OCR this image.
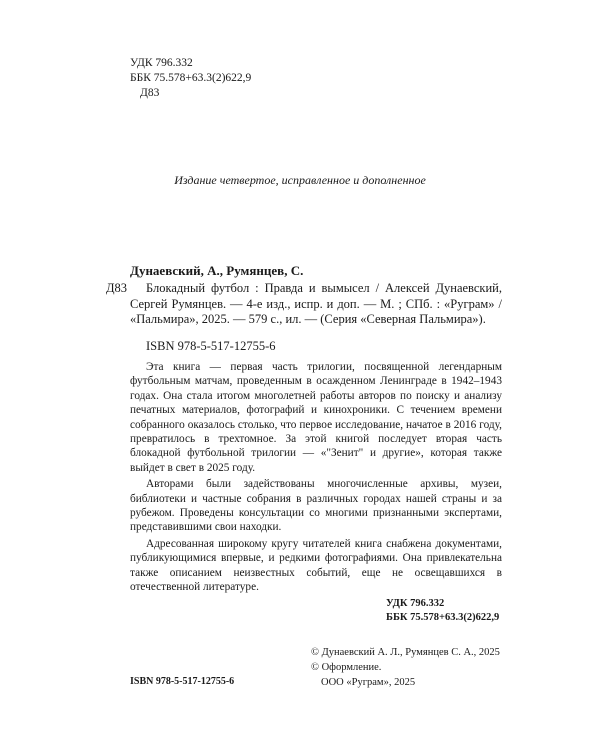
УДК 796.332
ББК 75.578+63.3(2)622,9
Д83
Издание четвертое, исправленное и дополненное
Дунаевский, А., Румянцев, С.
Д83	Блокадный футбол : Правда и вымысел / Алексей Дунаевский, Сергей Румянцев. — 4-е изд., испр. и доп. — М. ; СПб. : «Руграм» / «Пальмира», 2025. — 579 с., ил. — (Серия «Северная Пальмира»).

ISBN 978-5-517-12755-6

Эта книга — первая часть трилогии, посвященной легендарным футбольным матчам, проведенным в осажденном Ленинграде в 1942–1943 годах. Она стала итогом многолетней работы авторов по поиску и анализу печатных материалов, фотографий и кинохроники. С течением времени собранного оказалось столько, что первое исследование, начатое в 2016 году, превратилось в трехтомное. За этой книгой последует вторая часть блокадной футбольной трилогии — «"Зенит" и другие», которая также выйдет в свет в 2025 году.

Авторами были задействованы многочисленные архивы, музеи, библиотеки и частные собрания в различных городах нашей страны и за рубежом. Проведены консультации со многими признанными экспертами, представившими свои находки.

Адресованная широкому кругу читателей книга снабжена документами, публикующимися впервые, и редкими фотографиями. Она привлекательна также описанием неизвестных событий, еще не освещавшихся в отечественной литературе.

УДК 796.332
ББК 75.578+63.3(2)622,9
ISBN 978-5-517-12755-6
© Дунаевский А. Л., Румянцев С. А., 2025
© Оформление.
ООО «Руграм», 2025
